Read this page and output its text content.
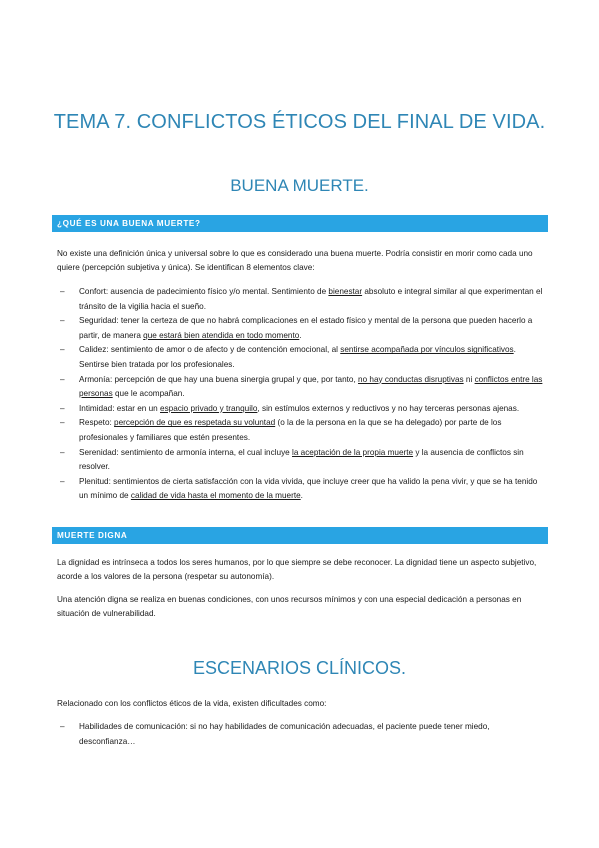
TEMA 7. CONFLICTOS ÉTICOS DEL FINAL DE VIDA.
BUENA MUERTE.
¿QUÉ ES UNA BUENA MUERTE?

No existe una definición única y universal sobre lo que es considerado una buena muerte. Podría consistir en morir como cada uno quiere (percepción subjetiva y única). Se identifican 8 elementos clave:

– Confort: ausencia de padecimiento físico y/o mental. Sentimiento de bienestar absoluto e integral similar al que experimentan el tránsito de la vigilia hacia el sueño.
– Seguridad: tener la certeza de que no habrá complicaciones en el estado físico y mental de la persona que pueden hacerlo a partir, de manera que estará bien atendida en todo momento.
– Calidez: sentimiento de amor o de afecto y de contención emocional, al sentirse acompañada por vínculos significativos. Sentirse bien tratada por los profesionales.
– Armonía: percepción de que hay una buena sinergia grupal y que, por tanto, no hay conductas disruptivas ni conflictos entre las personas que le acompañan.
– Intimidad: estar en un espacio privado y tranquilo, sin estímulos externos y reductivos y no hay terceras personas ajenas.
– Respeto: percepción de que es respetada su voluntad (o la de la persona en la que se ha delegado) por parte de los profesionales y familiares que estén presentes.
– Serenidad: sentimiento de armonía interna, el cual incluye la aceptación de la propia muerte y la ausencia de conflictos sin resolver.
– Plenitud: sentimientos de cierta satisfacción con la vida vivida, que incluye creer que ha valido la pena vivir, y que se ha tenido un mínimo de calidad de vida hasta el momento de la muerte.
MUERTE DIGNA

La dignidad es intrínseca a todos los seres humanos, por lo que siempre se debe reconocer. La dignidad tiene un aspecto subjetivo, acorde a los valores de la persona (respetar su autonomía).

Una atención digna se realiza en buenas condiciones, con unos recursos mínimos y con una especial dedicación a personas en situación de vulnerabilidad.

ESCENARIOS CLÍNICOS.

Relacionado con los conflictos éticos de la vida, existen dificultades como:

– Habilidades de comunicación: si no hay habilidades de comunicación adecuadas, el paciente puede tener miedo, desconfianza…
